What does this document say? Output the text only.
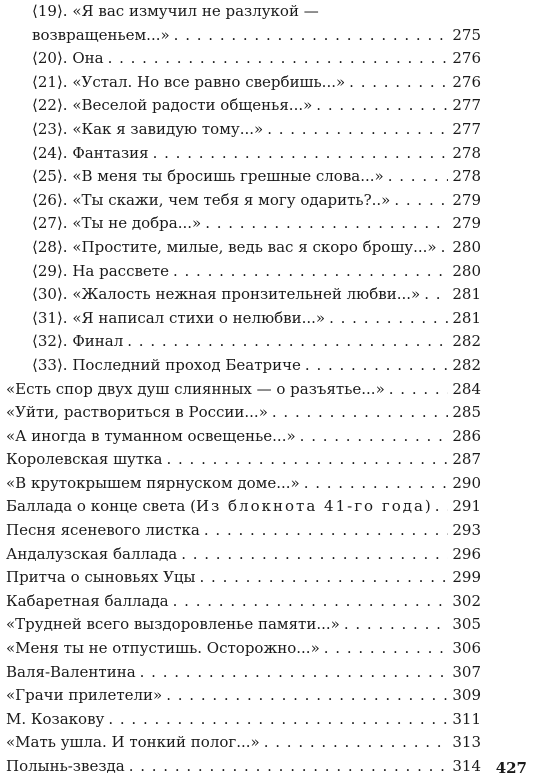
⟨19⟩. «Я вас измучил не разлукой —
возвращеньем...» . . .	275
⟨20⟩. Она . . .	276
⟨21⟩. «Устал. Но все равно свербишь...» . . .	276
⟨22⟩. «Веселой радости общенья...» . . .	277
⟨23⟩. «Как я завидую тому...» . . .	277
⟨24⟩. Фантазия . . .	278
⟨25⟩. «В меня ты бросишь грешные слова...» . . .	278
⟨26⟩. «Ты скажи, чем тебя я могу одарить?..» . . .	279
⟨27⟩. «Ты не добра...» . . .	279
⟨28⟩. «Простите, милые, ведь вас я скоро брошу...» . . . 280
⟨29⟩. На рассвете . . .	280
⟨30⟩. «Жалость нежная пронзительней любви...» . . . 281
⟨31⟩. «Я написал стихи о нелюбви...» . . .	281
⟨32⟩. Финал . . .	282
⟨33⟩. Последний проход Беатриче . . .	282
«Есть спор двух душ слиянных — о разъятье...» . . .	284
«Уйти, раствориться в России...» . . .	285
«А иногда в туманном освещенье...» . . .	286
Королевская шутка . . .	287
«В крутокрышем пярнуском доме...» . . .	290
Баллада о конце света (Из блокнота 41-го года) . . . 291
Песня ясеневого листка . . .	293
Андалузская баллада . . .	296
Притча о сыновьях Уцы . . .	299
Кабаретная баллада . . .	302
«Трудней всего выздоровленье памяти...» . . .	305
«Меня ты не отпустишь. Осторожно...» . . .	306
Валя-Валентина . . .	307
«Грачи прилетели» . . .	309
М. Козакову . . .	311
«Мать ушла. И тонкий полог...» . . .	313
Полынь-звезда . . .	314 427
